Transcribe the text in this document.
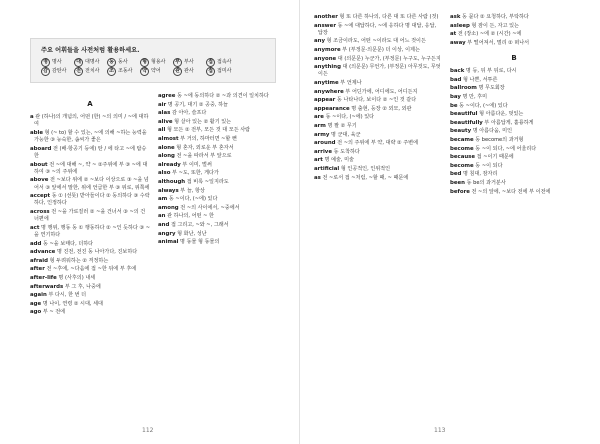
주요 어휘들을 사전처럼 활용하세요.
명 명사	대 대명사	동 동사	형 형용사	부 부사	접 접속사
감 감탄사	전 전치사	조 조동사	약 약어	관 관사	접 접미사
A
a 관 (하나)의 개념의, 어떤 (한) ~의 의미 / ~에 대하여
able 형 (~ to) 할 수 있는, ~에 의해 ~하는 능력을 가능한 ③ 능숙한, 솜씨가 좋은
aboard 전 (배·항공기 등에) 탄 / 에 타고 ~에 탑승한
about 전 ~에 대해 ~, 약 ~ ②주위에 부 ③ ~에 대하여 ③ ~의 주위에
above 전 ~보다 위에 ② ~보다 이상으로 ③ ~을 넘어서 ③ 앞에서 말한, 위에 언급한 부 ③ 위로, 위쪽에
accept 동 ① (선뜻) 받아들이다 ② 동의하다 ③ 수락하다, 인정하다
across 전 ~을 가로질러 ② ~을 건너서 ③ ~의 건너편에
act 명 행위, 행동 동 ① 행동하다 ② ~인 듯하다 ③ ~을 연기하다
add 동 ~을 보태다, 더하다
advance 명 진전, 전진 동 나아가다, 진보하다
afraid 형 두려워하는 ② 걱정하는
after 전 ~후에, ~다음에 접 ~한 뒤에 부 후에
after-life 명 (사후의) 내세
afterwards 부 그 후, 나중에
again 부 다시, 한 번 더
age 명 나이, 연령 ② 시대, 세대
ago 부 ~ 전에
agree 동 ~에 동의하다 ② ~과 의견이 일치하다
air 명 공기, 대기 ② 공중, 하늘
alas 감 아아, 슬프다
alive 형 살아 있는 ② 활기 있는
all 형 모든 ② 전부, 모든 것 대 모든 사람
almost 부 거의, 하마터면 ~할 뻔
alone 형 혼자, 외로운 부 혼자서
along 전 ~을 따라서 부 앞으로
already 부 이미, 벌써
also 부 ~도, 또한, 게다가
although 접 비록 ~일지라도
always 부 늘, 항상
am 동 ~이다, (~에) 있다
among 전 ~의 사이에서, ~중에서
an 관 하나의, 어떤 ~ 한
and 접 그리고, ~와 ~, 그래서
angry 형 화난, 성난
animal 명 동물 형 동물의
112
another 형 또 다른 하나의, 다른 대 또 다른 사람 (것)
answer 동 ~에 대답하다, ~에 응하다 명 대답, 응답, 답장
any 형 조금이라도, 어떤 ~이라도 대 어느 것이든
anymore 부 (부정문·의문문) 더 이상, 이제는
anyone 대 (의문문) 누군가, (부정문) 누구도, 누구든지
anything 대 (의문문) 무언가, (부정문) 아무것도, 무엇이든
anytime 부 언제나
anywhere 부 어딘가에, 어디에도, 어디든지
appear 동 나타나다, 보이다 ② ~인 것 같다
appearance 명 출현, 등장 ② 외모, 외관
are 동 ~이다, (~에) 있다
arm 명 팔 ② 무기
army 명 군대, 육군
around 전 ~의 주위에 부 약, 대략 ② 주변에
arrive 동 도착하다
art 명 예술, 미술
artificial 형 인공적인, 인위적인
as 전 ~로서 접 ~처럼, ~할 때, ~ 때문에
ask 동 묻다 ② 요청하다, 부탁하다
asleep 형 잠이 든, 자고 있는
at 전 (장소) ~에 ② (시간) ~에
away 부 떨어져서, 멀리 ② 떠나서
B
back 명 등, 뒤 부 뒤로, 다시
bad 형 나쁜, 서투른
ballroom 명 무도회장
bay 명 만, 후미
be 동 ~이다, (~에) 있다
beautiful 형 아름다운, 멋있는
beautifully 부 아름답게, 훌륭하게
beauty 명 아름다움, 미인
became 동 become의 과거형
become 동 ~이 되다, ~에 어울리다
because 접 ~이기 때문에
become 동 ~이 되다
bed 명 침대, 잠자리
been 동 be의 과거분사
before 전 ~의 앞에, ~보다 전에 부 이전에
113
